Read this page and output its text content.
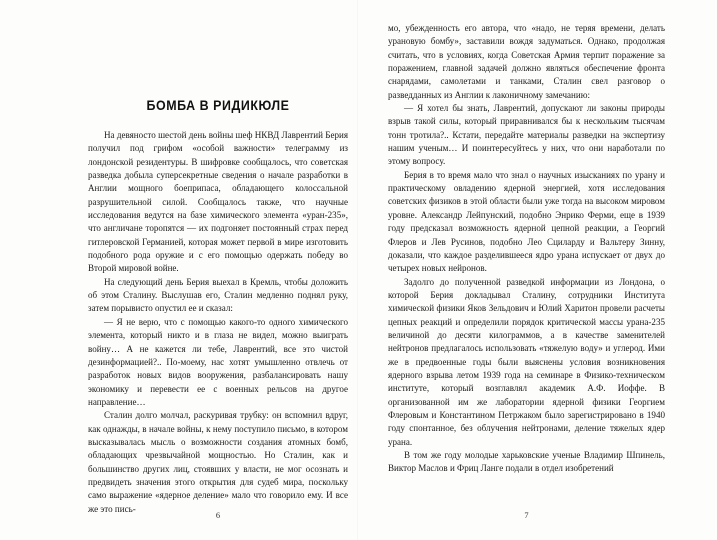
БОМБА В РИДИКЮЛЕ

На девяносто шестой день войны шеф НКВД Лаврентий Берия получил под грифом «особой важности» телеграмму из лондонской резидентуры. В шифровке сообщалось, что советская разведка добыла суперсекретные сведения о начале разработки в Англии мощного боеприпаса, обладающего колоссальной разрушительной силой. Сообщалось также, что научные исследования ведутся на базе химического элемента «уран-235», что англичане торопятся — их подгоняет постоянный страх перед гитлеровской Германией, которая может первой в мире изготовить подобного рода оружие и с его помощью одержать победу во Второй мировой войне.

На следующий день Берия выехал в Кремль, чтобы доложить об этом Сталину. Выслушав его, Сталин медленно поднял руку, затем порывисто опустил ее и сказал:

— Я не верю, что с помощью какого-то одного химического элемента, который никто и в глаза не видел, можно выиграть войну… А не кажется ли тебе, Лаврентий, все это чистой дезинформацией?.. По-моему, нас хотят умышленно отвлечь от разработок новых видов вооружения, разбалансировать нашу экономику и перевести ее с военных рельсов на другое направление…

Сталин долго молчал, раскуривая трубку: он вспомнил вдруг, как однажды, в начале войны, к нему поступило письмо, в котором высказывалась мысль о возможности создания атомных бомб, обладающих чрезвычайной мощностью. Но Сталин, как и большинство других лиц, стоявших у власти, не мог осознать и предвидеть значения этого открытия для судеб мира, поскольку само выражение «ядерное деление» мало что говорило ему. И все же это пись-

6

мо, убежденность его автора, что «надо, не теряя времени, делать урановую бомбу», заставили вождя задуматься. Однако, продолжая считать, что в условиях, когда Советская Армия терпит поражение за поражением, главной задачей должно являться обеспечение фронта снарядами, самолетами и танками, Сталин свел разговор о разведданных из Англии к лаконичному замечанию:

— Я хотел бы знать, Лаврентий, допускают ли законы природы взрыв такой силы, который приравнивался бы к нескольким тысячам тонн тротила?.. Кстати, передайте материалы разведки на экспертизу нашим ученым… И поинтересуйтесь у них, что они наработали по этому вопросу.

Берия в то время мало что знал о научных изысканиях по урану и практическому овладению ядерной энергией, хотя исследования советских физиков в этой области были уже тогда на высоком мировом уровне. Александр Лейпунский, подобно Энрико Ферми, еще в 1939 году предсказал возможность ядерной цепной реакции, а Георгий Флеров и Лев Русинов, подобно Лео Сциларду и Вальтеру Зинну, доказали, что каждое разделившееся ядро урана испускает от двух до четырех новых нейронов.

Задолго до полученной разведкой информации из Лондона, о которой Берия докладывал Сталину, сотрудники Института химической физики Яков Зельдович и Юлий Харитон провели расчеты цепных реакций и определили порядок критической массы урана-235 величиной до десяти килограммов, а в качестве заменителей нейтронов предлагалось использовать «тяжелую воду» и углерод. Ими же в предвоенные годы были выяснены условия возникновения ядерного взрыва летом 1939 года на семинаре в Физико-техническом институте, который возглавлял академик А.Ф. Иоффе. В организованной им же лаборатории ядерной физики Георгием Флеровым и Константином Петржаком было зарегистрировано в 1940 году спонтанное, без облучения нейтронами, деление тяжелых ядер урана.

В том же году молодые харьковские ученые Владимир Шпинель, Виктор Маслов и Фриц Ланге подали в отдел изобретений

7
